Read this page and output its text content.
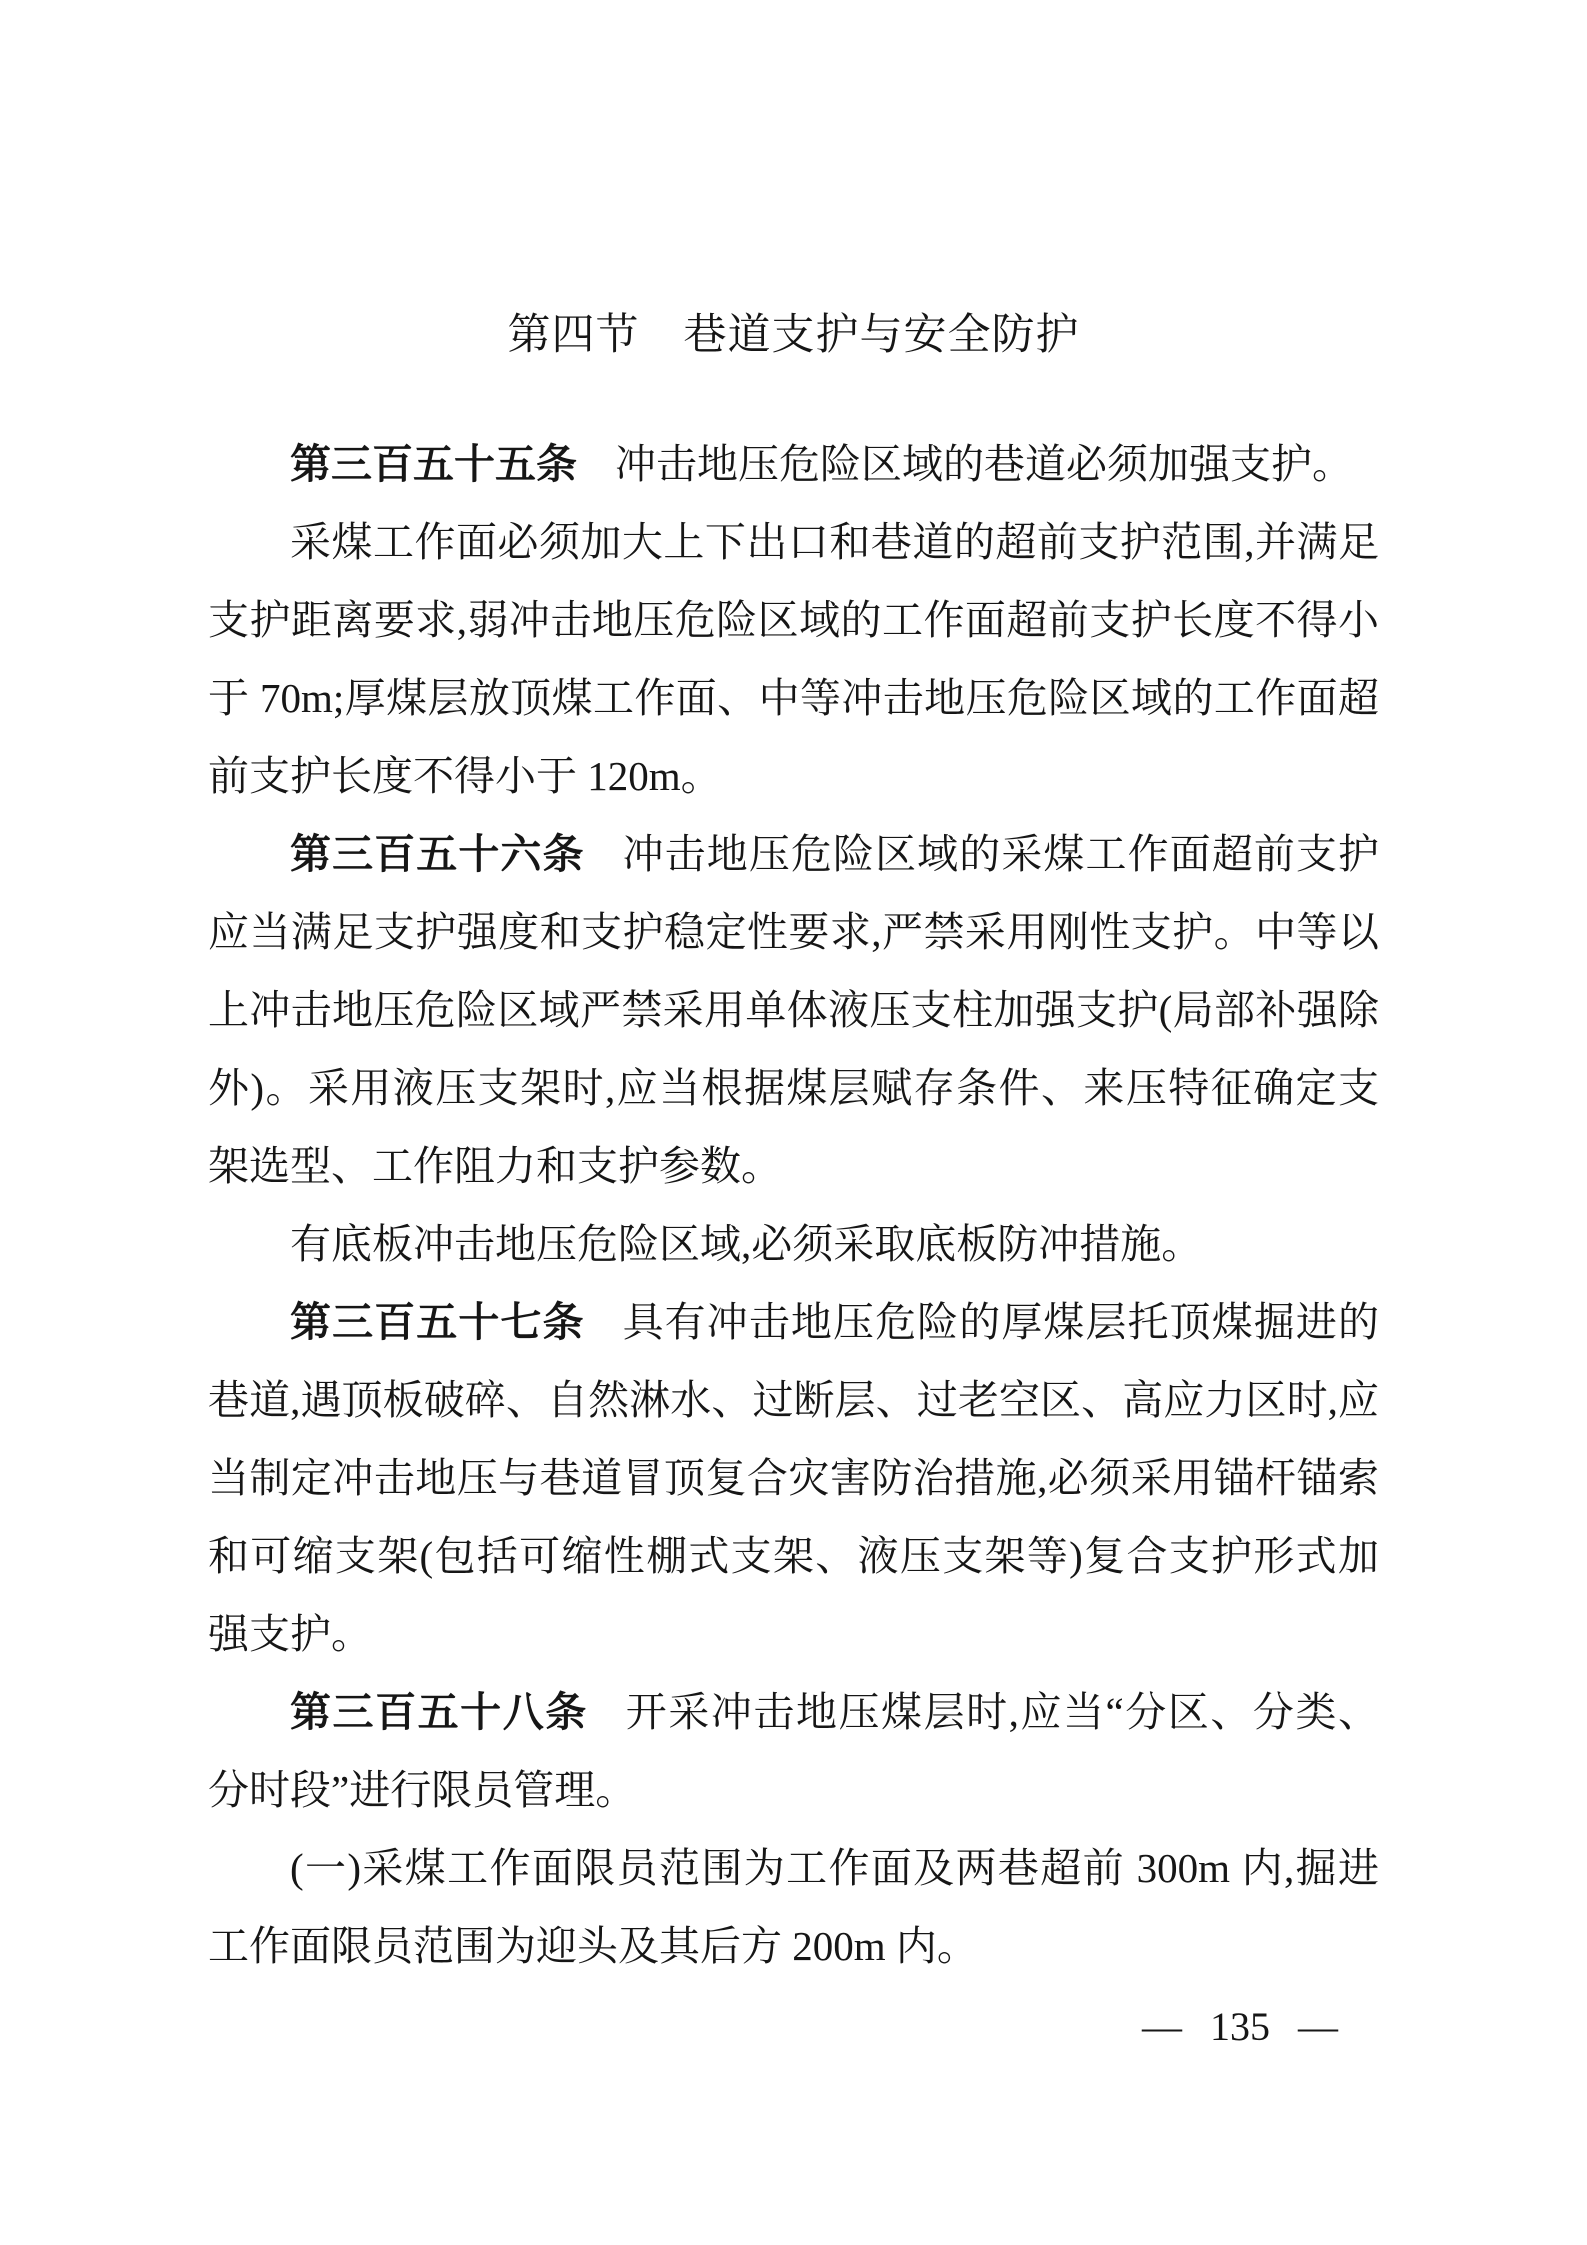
第四节　巷道支护与安全防护

第三百五十五条 冲击地压危险区域的巷道必须加强支护。

采煤工作面必须加大上下出口和巷道的超前支护范围,并满足支护距离要求,弱冲击地压危险区域的工作面超前支护长度不得小于 70m;厚煤层放顶煤工作面、中等冲击地压危险区域的工作面超前支护长度不得小于 120m。

第三百五十六条 冲击地压危险区域的采煤工作面超前支护应当满足支护强度和支护稳定性要求,严禁采用刚性支护。中等以上冲击地压危险区域严禁采用单体液压支柱加强支护(局部补强除外)。采用液压支架时,应当根据煤层赋存条件、来压特征确定支架选型、工作阻力和支护参数。

有底板冲击地压危险区域,必须采取底板防冲措施。

第三百五十七条 具有冲击地压危险的厚煤层托顶煤掘进的巷道,遇顶板破碎、自然淋水、过断层、过老空区、高应力区时,应当制定冲击地压与巷道冒顶复合灾害防治措施,必须采用锚杆锚索和可缩支架(包括可缩性棚式支架、液压支架等)复合支护形式加强支护。

第三百五十八条 开采冲击地压煤层时,应当“分区、分类、分时段”进行限员管理。

(一)采煤工作面限员范围为工作面及两巷超前 300m 内,掘进工作面限员范围为迎头及其后方 200m 内。

— 135 —
